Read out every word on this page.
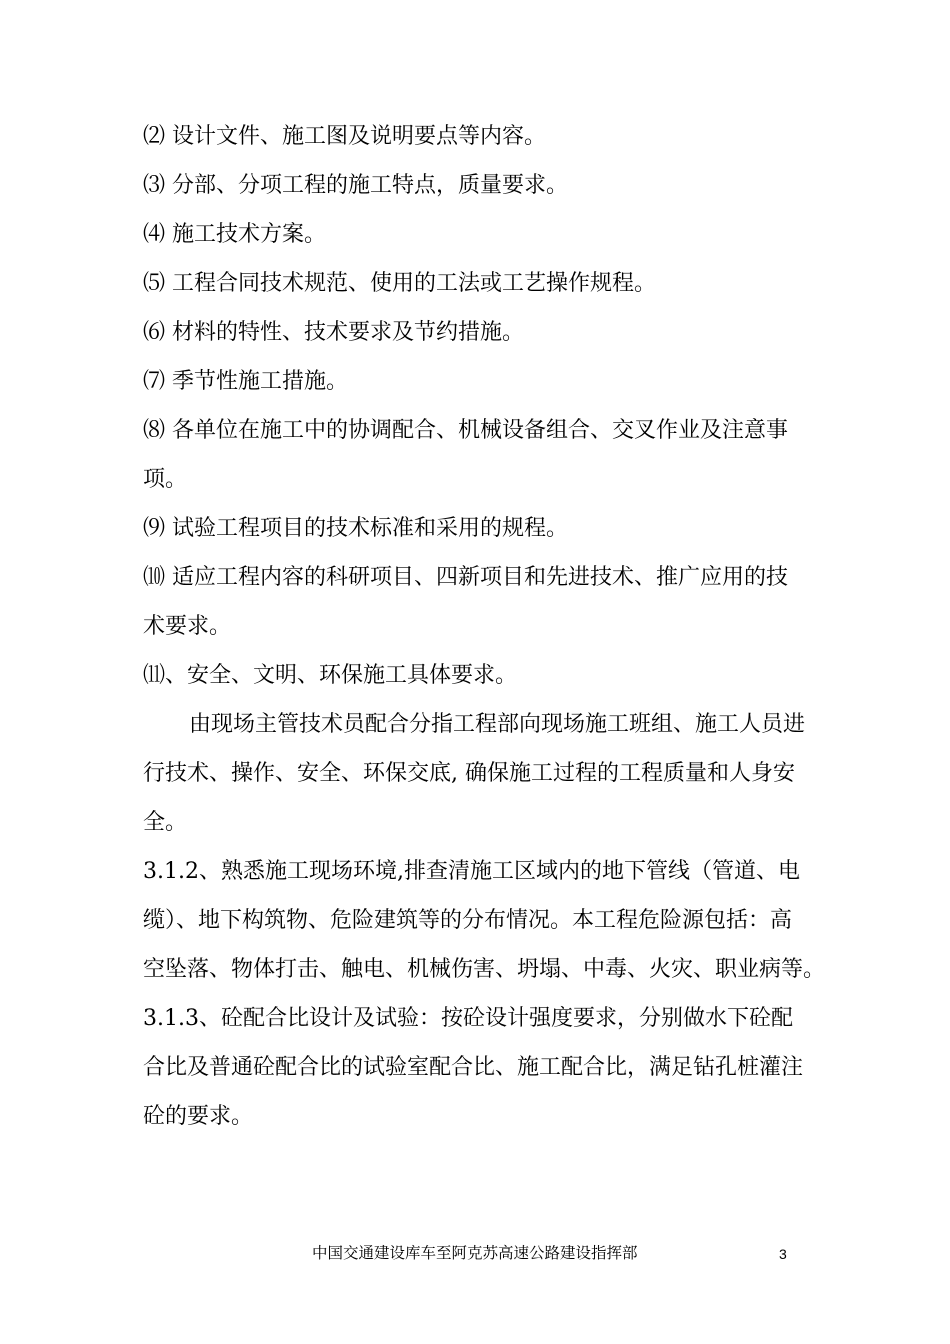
⑵ 设计文件、施工图及说明要点等内容。
⑶ 分部、分项工程的施工特点，质量要求。
⑷ 施工技术方案。
⑸ 工程合同技术规范、使用的工法或工艺操作规程。
⑹ 材料的特性、技术要求及节约措施。
⑺ 季节性施工措施。
⑻ 各单位在施工中的协调配合、机械设备组合、交叉作业及注意事
项。
⑼ 试验工程项目的技术标准和采用的规程。
⑽ 适应工程内容的科研项目、四新项目和先进技术、推广应用的技
术要求。
⑾、安全、文明、环保施工具体要求。
由现场主管技术员配合分指工程部向现场施工班组、施工人员进
行技术、操作、安全、环保交底, 确保施工过程的工程质量和人身安
全。
3.1.2、熟悉施工现场环境,排查清施工区域内的地下管线（管道、电
缆）、地下构筑物、危险建筑等的分布情况。本工程危险源包括：高
空坠落、物体打击、触电、机械伤害、坍塌、中毒、火灾、职业病等。
3.1.3、砼配合比设计及试验：按砼设计强度要求，分别做水下砼配
合比及普通砼配合比的试验室配合比、施工配合比，满足钻孔桩灌注
砼的要求。
中国交通建设库车至阿克苏高速公路建设指挥部	3
